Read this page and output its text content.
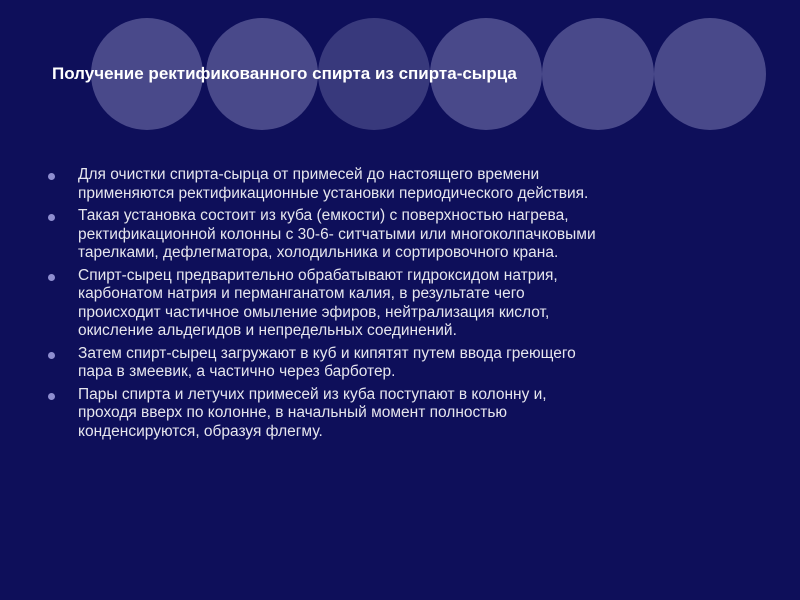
Получение ректификованного спирта из спирта-сырца
Для очистки спирта-сырца от примесей до настоящего времени
применяются ректификационные установки периодического действия.
Такая установка состоит из куба (емкости) с поверхностью нагрева,
ректификационной колонны с 30-6- ситчатыми или многоколпачковыми
тарелками, дефлегматора, холодильника и сортировочного крана.
Спирт-сырец предварительно обрабатывают гидроксидом натрия,
карбонатом натрия и перманганатом калия, в результате чего
происходит частичное омыление эфиров, нейтрализация кислот,
окисление альдегидов и непредельных соединений.
Затем спирт-сырец загружают в куб и кипятят путем ввода греющего
пара в змеевик, а частично через барботер.
Пары спирта и летучих примесей из куба поступают в колонну и,
проходя вверх по колонне, в начальный момент полностью
конденсируются, образуя флегму.
